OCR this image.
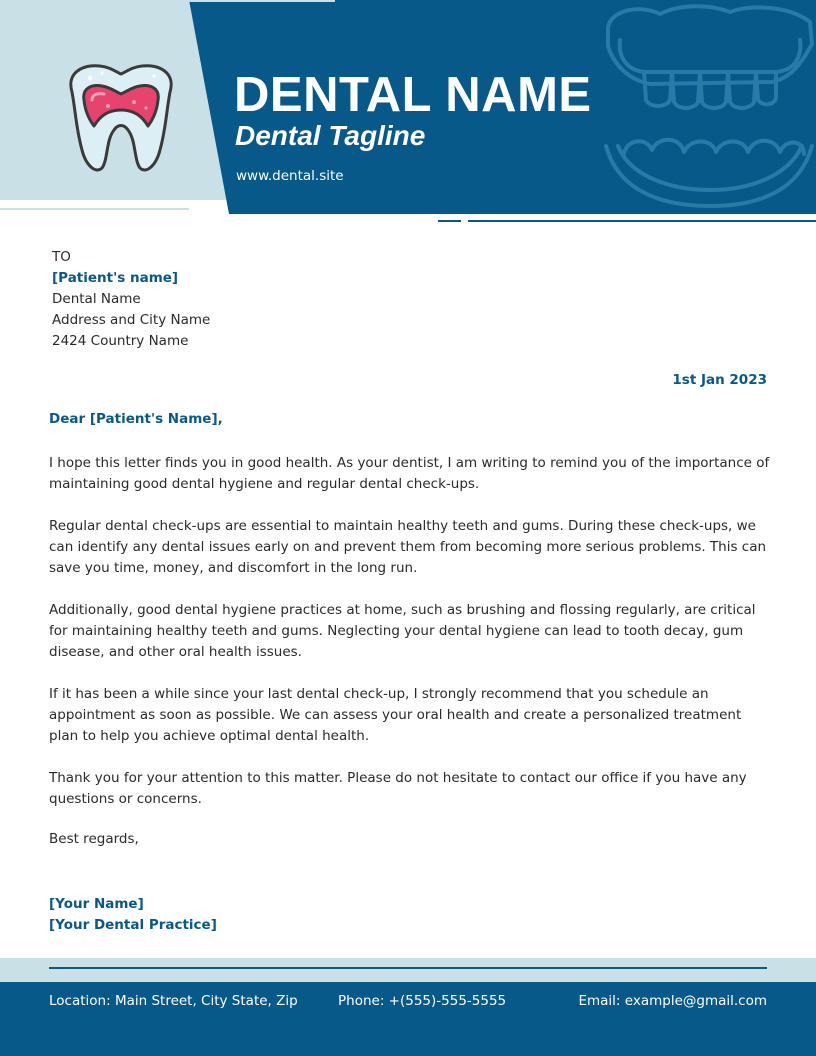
DENTAL NAME
Dental Tagline
www.dental.site
TO
[Patient's name]
Dental Name
Address and City Name
2424 Country Name
1st Jan 2023
Dear [Patient's Name],

I hope this letter finds you in good health. As your dentist, I am writing to remind you of the importance of maintaining good dental hygiene and regular dental check-ups.

Regular dental check-ups are essential to maintain healthy teeth and gums. During these check-ups, we can identify any dental issues early on and prevent them from becoming more serious problems. This can save you time, money, and discomfort in the long run.

Additionally, good dental hygiene practices at home, such as brushing and flossing regularly, are critical for maintaining healthy teeth and gums. Neglecting your dental hygiene can lead to tooth decay, gum disease, and other oral health issues.

If it has been a while since your last dental check-up, I strongly recommend that you schedule an appointment as soon as possible. We can assess your oral health and create a personalized treatment plan to help you achieve optimal dental health.

Thank you for your attention to this matter. Please do not hesitate to contact our office if you have any questions or concerns.

Best regards,
[Your Name]
[Your Dental Practice]
Location: Main Street, City State, Zip	Phone: +(555)-555-5555	Email: example@gmail.com
